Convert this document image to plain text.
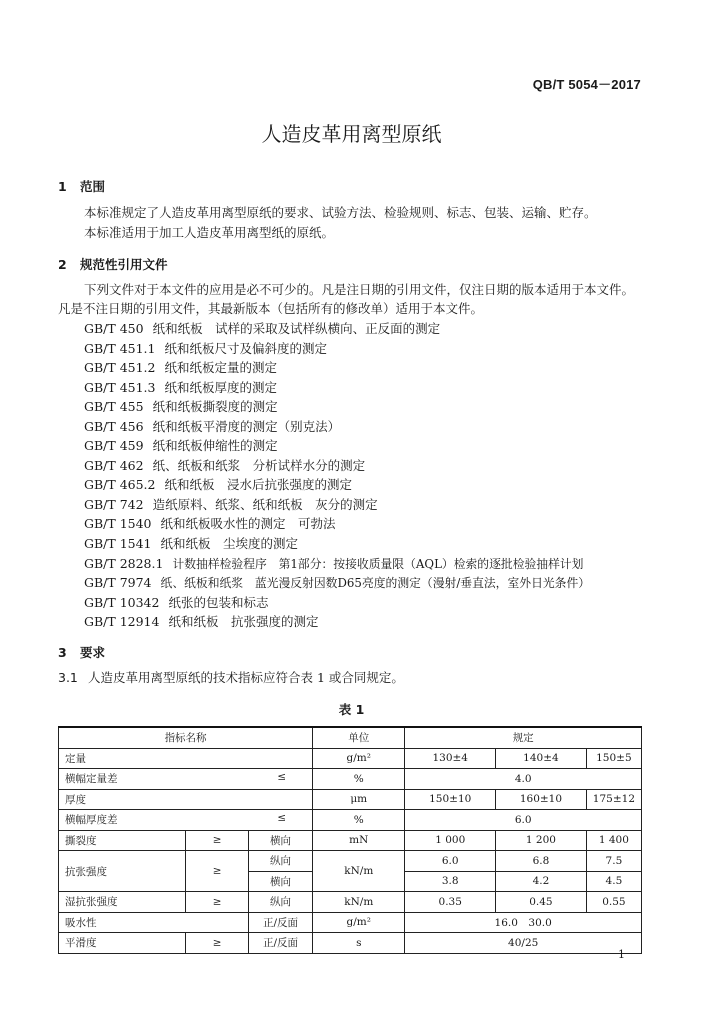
QB/T 5054－2017
人造皮革用离型原纸
1 范围
本标准规定了人造皮革用离型原纸的要求、试验方法、检验规则、标志、包装、运输、贮存。
本标准适用于加工人造皮革用离型纸的原纸。
2 规范性引用文件
下列文件对于本文件的应用是必不可少的。凡是注日期的引用文件，仅注日期的版本适用于本文件。
凡是不注日期的引用文件，其最新版本（包括所有的修改单）适用于本文件。
GB/T 450 纸和纸板　试样的采取及试样纵横向、正反面的测定
GB/T 451.1 纸和纸板尺寸及偏斜度的测定
GB/T 451.2 纸和纸板定量的测定
GB/T 451.3 纸和纸板厚度的测定
GB/T 455 纸和纸板撕裂度的测定
GB/T 456 纸和纸板平滑度的测定（别克法）
GB/T 459 纸和纸板伸缩性的测定
GB/T 462 纸、纸板和纸浆　分析试样水分的测定
GB/T 465.2 纸和纸板　浸水后抗张强度的测定
GB/T 742 造纸原料、纸浆、纸和纸板　灰分的测定
GB/T 1540 纸和纸板吸水性的测定　可勃法
GB/T 1541 纸和纸板　尘埃度的测定
GB/T 2828.1 计数抽样检验程序　第1部分：按接收质量限（AQL）检索的逐批检验抽样计划
GB/T 7974 纸、纸板和纸浆　蓝光漫反射因数D65亮度的测定（漫射/垂直法，室外日光条件）
GB/T 10342 纸张的包装和标志
GB/T 12914 纸和纸板　抗张强度的测定
3 要求
3.1 人造皮革用离型原纸的技术指标应符合表 1 或合同规定。
表 1
指标名称			单位	规定		
定量			g/m²	130±4	140±4	150±5
横幅定量差 ≤			%	4.0		
厚度			μm	150±10	160±10	175±12
横幅厚度差 ≤			%	6.0		
撕裂度	≥	横向	mN	1 000	1 200	1 400
抗张强度	≥	纵向	kN/m	6.0	6.8	7.5
		横向		3.8	4.2	4.5
湿抗张强度	≥	纵向	kN/m	0.35	0.45	0.55
吸水性		正/反面	g/m²	16.0　30.0		
平滑度	≥	正/反面	s	40/25		
1
